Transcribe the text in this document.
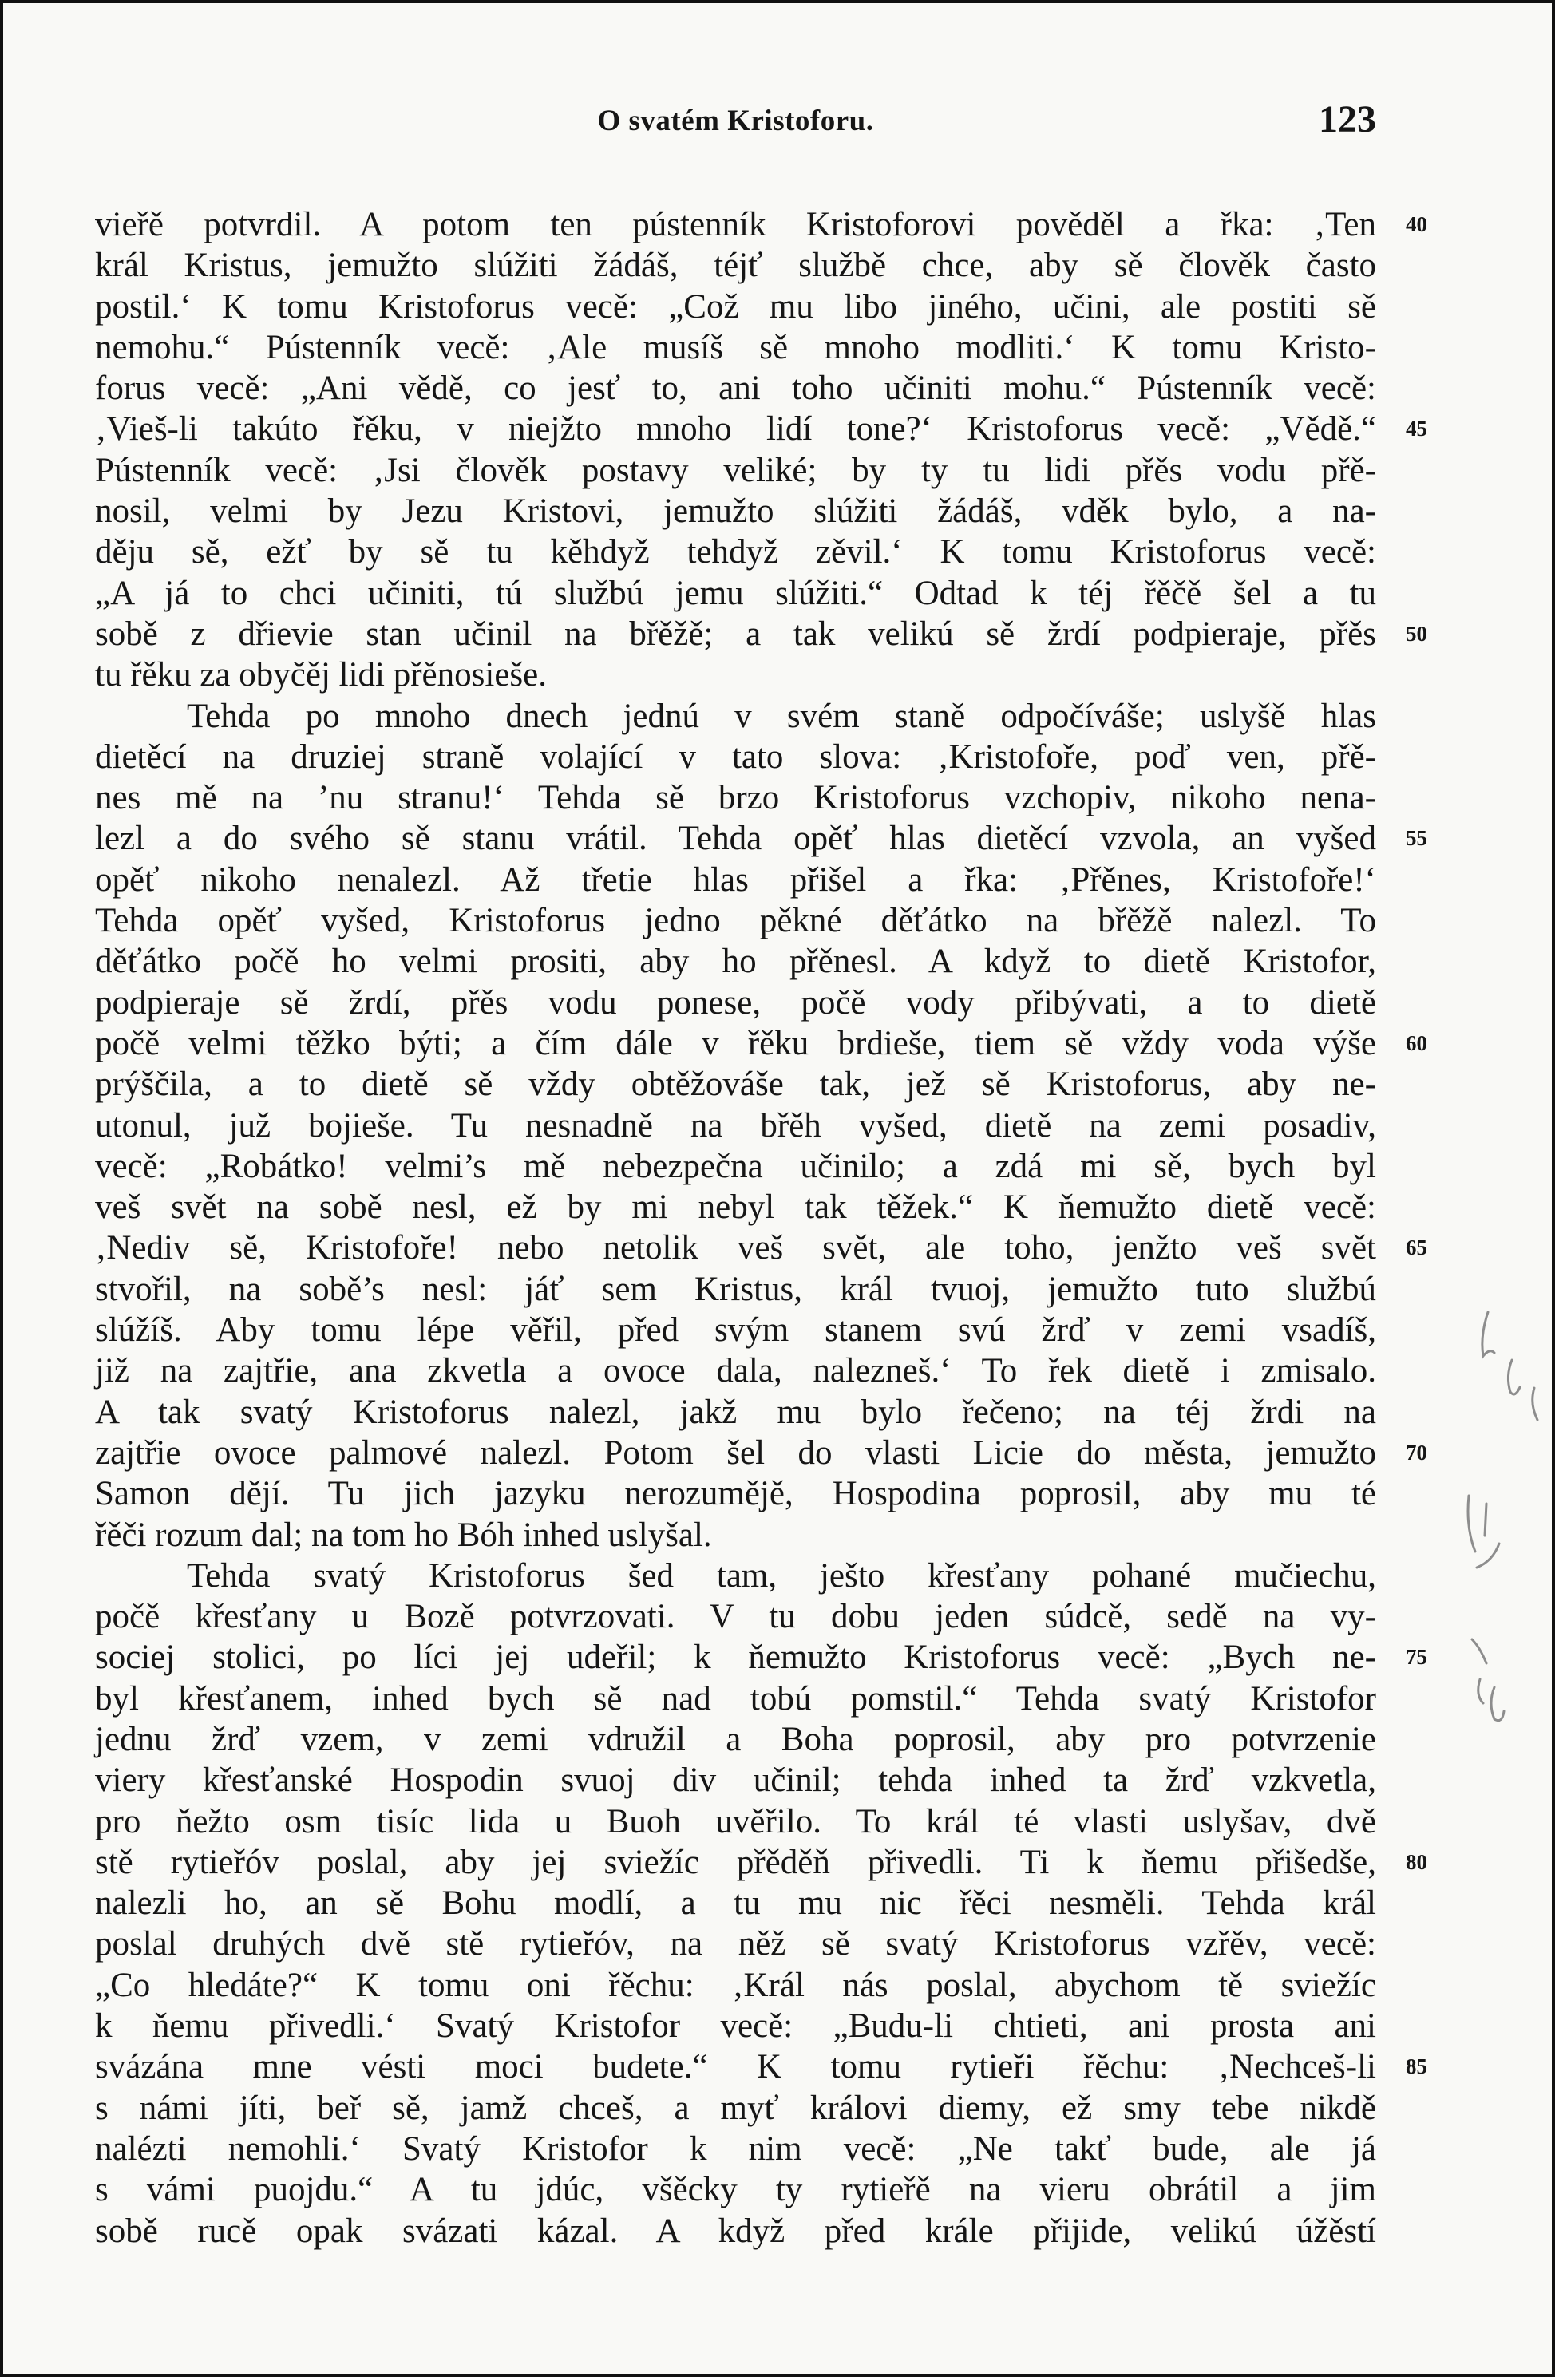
O svatém Kristoforu.	123
vieřě potvrdil. A potom ten pústenník Kristoforovi pověděl a řka: ‚Ten 40
král Kristus, jemužto slúžiti žádáš, téjť službě chce, aby sě člověk často
postil.‘ K tomu Kristoforus vecě: „Což mu libo jiného, učini, ale postiti sě
nemohu.“ Pústenník vecě: ‚Ale musíš sě mnoho modliti.‘ K tomu Kristo-
forus vecě: „Ani vědě, co jesť to, ani toho učiniti mohu.“ Pústenník vecě:
‚Vieš-li takúto řěku, v niejžto mnoho lidí tone?‘ Kristoforus vecě: „Vědě.“ 45
Pústenník vecě: ‚Jsi člověk postavy veliké; by ty tu lidi přěs vodu přě-
nosil, velmi by Jezu Kristovi, jemužto slúžiti žádáš, vděk bylo, a na-
děju sě, ežť by sě tu kěhdyž tehdyž zěvil.‘ K tomu Kristoforus vecě:
„A já to chci učiniti, tú službú jemu slúžiti.“ Odtad k téj řěčě šel a tu
sobě z dřievie stan učinil na břěžě; a tak velikú sě žrdí podpieraje, přěs 50
tu řěku za obyčěj lidi přěnosieše.
Tehda po mnoho dnech jednú v svém staně odpočíváše; uslyšě hlas
dietěcí na druziej straně volající v tato slova: ‚Kristofoře, poď ven, přě-
nes mě na ’nu stranu!‘ Tehda sě brzo Kristoforus vzchopiv, nikoho nena-
lezl a do svého sě stanu vrátil. Tehda opěť hlas dietěcí vzvola, an vyšed 55
opěť nikoho nenalezl. Až třetie hlas přišel a řka: ‚Přěnes, Kristofoře!‘
Tehda opěť vyšed, Kristoforus jedno pěkné děťátko na břěžě nalezl. To
děťátko počě ho velmi prositi, aby ho přěnesl. A když to dietě Kristofor,
podpieraje sě žrdí, přěs vodu ponese, počě vody přibývati, a to dietě
počě velmi těžko býti; a čím dále v řěku brdieše, tiem sě vždy voda výše 60
prýščila, a to dietě sě vždy obtěžováše tak, jež sě Kristoforus, aby ne-
utonul, juž bojieše. Tu nesnadně na břěh vyšed, dietě na zemi posadiv,
vecě: „Robátko! velmi’s mě nebezpečna učinilo; a zdá mi sě, bych byl
veš svět na sobě nesl, ež by mi nebyl tak těžek.“ K ňemužto dietě vecě:
‚Nediv sě, Kristofoře! nebo netolik veš svět, ale toho, jenžto veš svět 65
stvořil, na sobě’s nesl: jáť sem Kristus, král tvuoj, jemužto tuto službú
slúžíš. Aby tomu lépe věřil, před svým stanem svú žrď v zemi vsadíš,
již na zajtřie, ana zkvetla a ovoce dala, nalezneš.‘ To řek dietě i zmisalo.
A tak svatý Kristoforus nalezl, jakž mu bylo řečeno; na téj žrdi na
zajtřie ovoce palmové nalezl. Potom šel do vlasti Licie do města, jemužto 70
Samon dějí. Tu jich jazyku nerozumějě, Hospodina poprosil, aby mu té
řěči rozum dal; na tom ho Bóh inhed uslyšal.
Tehda svatý Kristoforus šed tam, ješto křesťany pohané mučiechu,
počě křesťany u Bozě potvrzovati. V tu dobu jeden súdcě, sedě na vy-
sociej stolici, po líci jej udeřil; k ňemužto Kristoforus vecě: „Bych ne- 75
byl křesťanem, inhed bych sě nad tobú pomstil.“ Tehda svatý Kristofor
jednu žrď vzem, v zemi vdružil a Boha poprosil, aby pro potvrzenie
viery křesťanské Hospodin svuoj div učinil; tehda inhed ta žrď vzkvetla,
pro ňežto osm tisíc lida u Buoh uvěřilo. To král té vlasti uslyšav, dvě
stě rytieřóv poslal, aby jej sviežíc přěděň přivedli. Ti k ňemu přišedše, 80
nalezli ho, an sě Bohu modlí, a tu mu nic řěci nesměli. Tehda král
poslal druhých dvě stě rytieřóv, na něž sě svatý Kristoforus vzřěv, vecě:
„Co hledáte?“ K tomu oni řěchu: ‚Král nás poslal, abychom tě sviežíc
k ňemu přivedli.‘ Svatý Kristofor vecě: „Budu-li chtieti, ani prosta ani
svázána mne vésti moci budete.“ K tomu rytieři řěchu: ‚Nechceš-li 85
s námi jíti, beř sě, jamž chceš, a myť královi diemy, ež smy tebe nikdě
nalézti nemohli.‘ Svatý Kristofor k nim vecě: „Ne takť bude, ale já
s vámi puojdu.“ A tu jdúc, všěcky ty rytieřě na vieru obrátil a jim
sobě rucě opak svázati kázal. A když před krále přijide, velikú úžěstí
